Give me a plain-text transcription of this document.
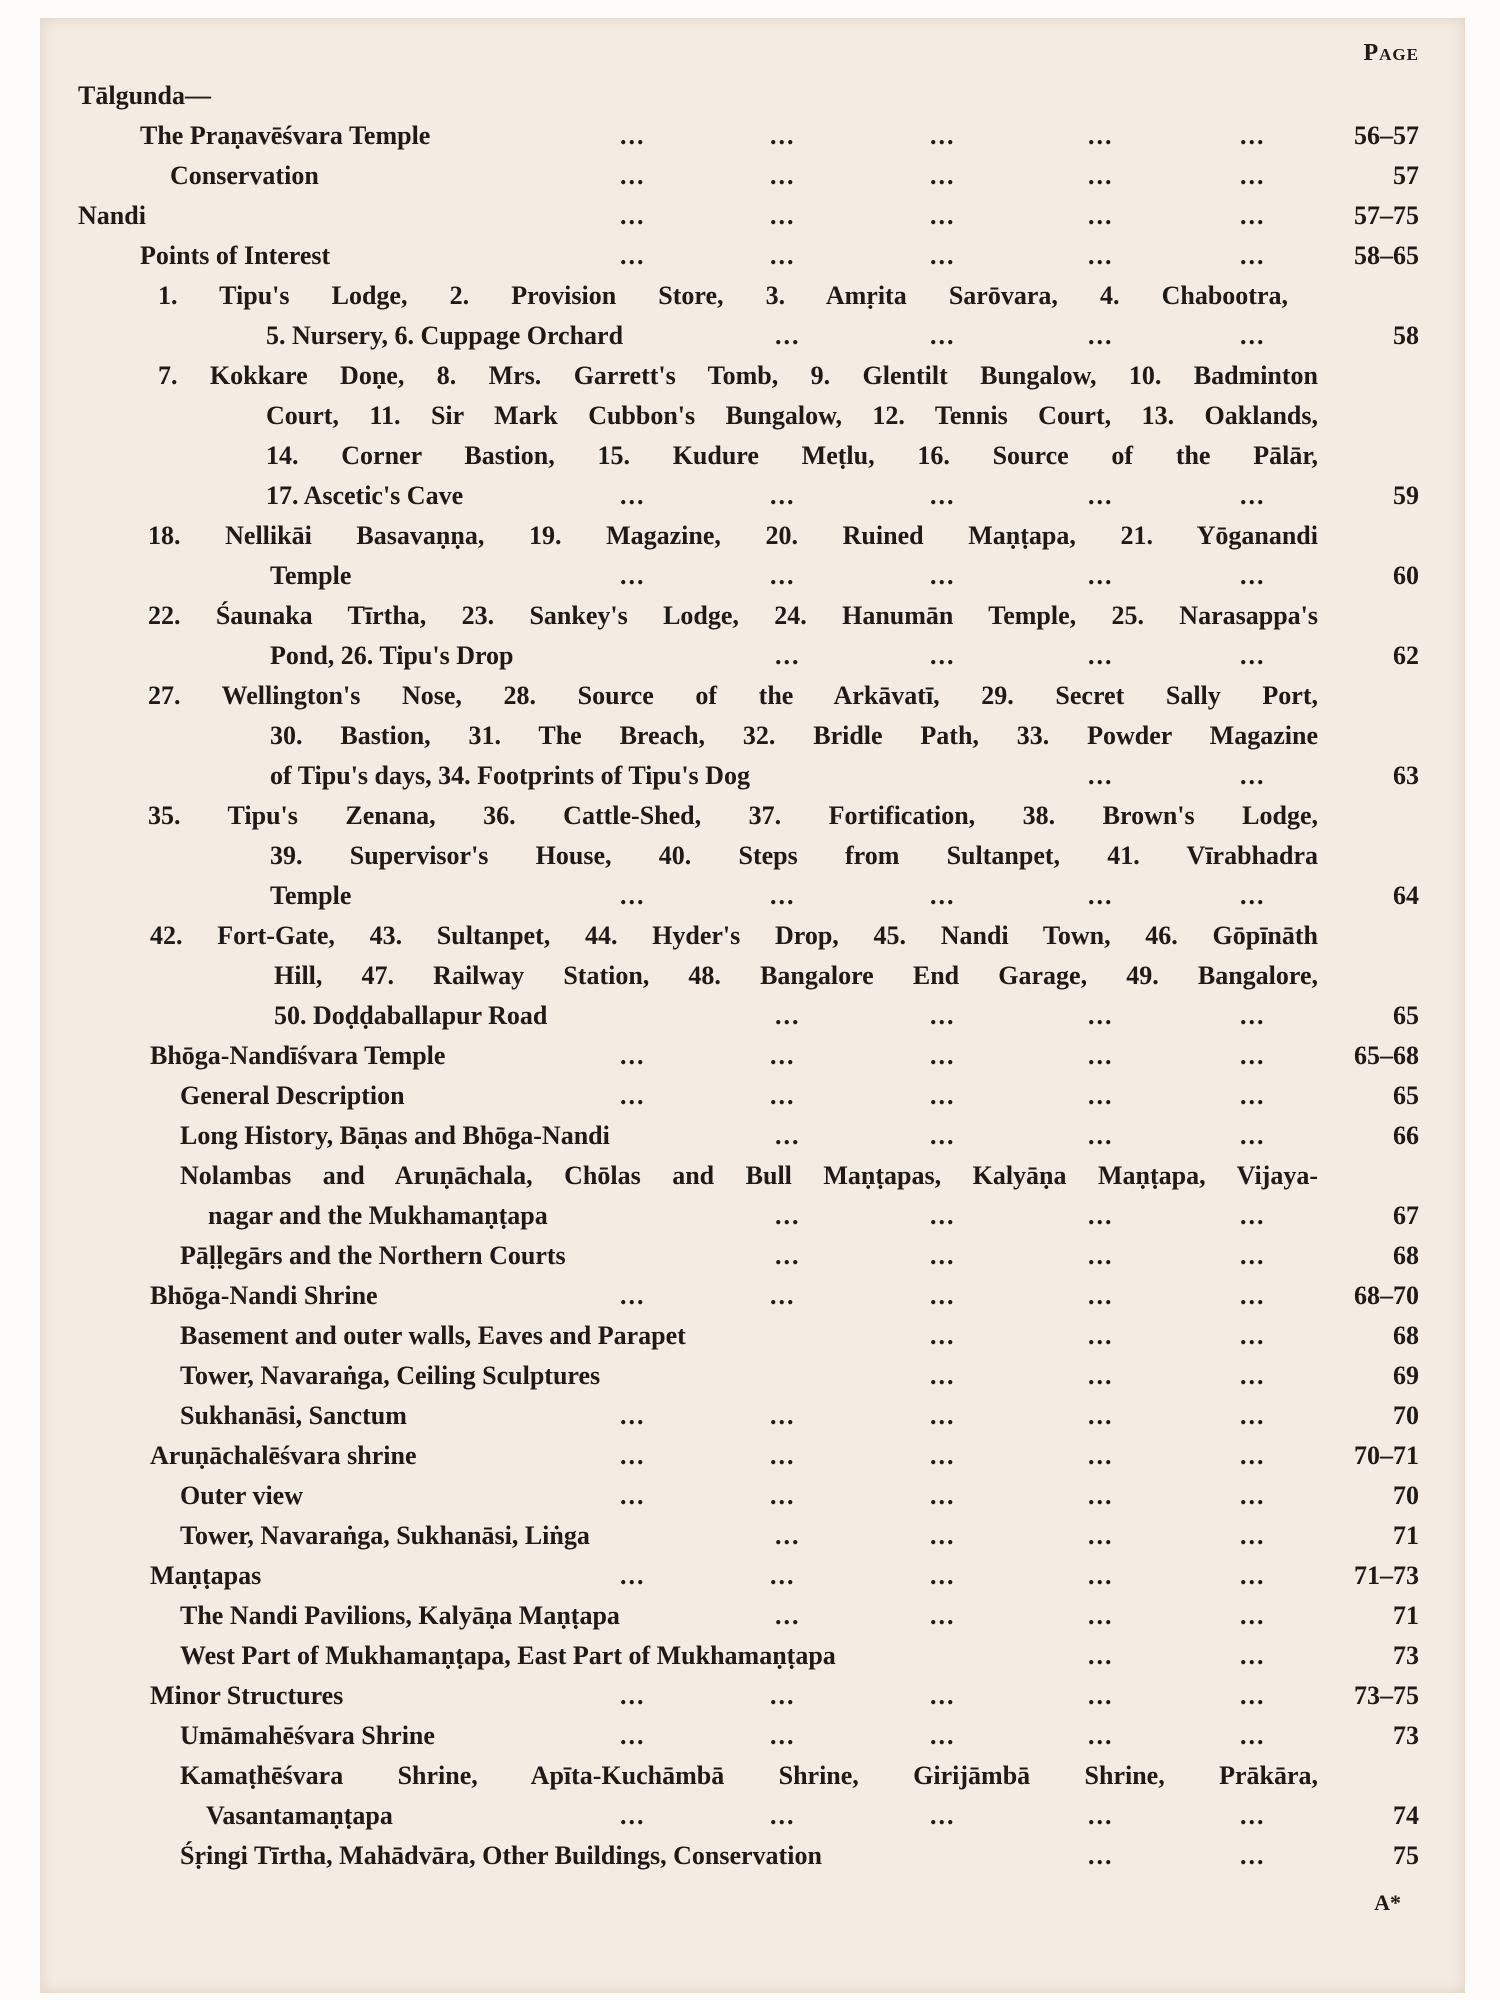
Page
Tālgunda—
The Praṇavēśvara Temple	...	...	...	...	...	56–57
Conservation	...	...	...	...	...	57
Nandi	...	...	...	...	...	57–75
Points of Interest	...	...	...	...	...	58–65
1. Tipu's Lodge, 2. Provision Store, 3. Amṛita Sarōvara, 4. Chabootra,
5. Nursery, 6. Cuppage Orchard	...	...	...	...	58
7. Kokkare Doṇe, 8. Mrs. Garrett's Tomb, 9. Glentilt Bungalow, 10. Badminton
Court, 11. Sir Mark Cubbon's Bungalow, 12. Tennis Court, 13. Oaklands,
14. Corner Bastion, 15. Kudure Meṭlu, 16. Source of the Pālār,
17. Ascetic's Cave	...	...	...	...	...	59
18. Nellikāi Basavaṇṇa, 19. Magazine, 20. Ruined Maṇṭapa, 21. Yōganandi
Temple	...	...	...	...	...	60
22. Śaunaka Tīrtha, 23. Sankey's Lodge, 24. Hanumān Temple, 25. Narasappa's
Pond, 26. Tipu's Drop	...	...	...	...	62
27. Wellington's Nose, 28. Source of the Arkāvatī, 29. Secret Sally Port,
30. Bastion, 31. The Breach, 32. Bridle Path, 33. Powder Magazine
of Tipu's days, 34. Footprints of Tipu's Dog	...	...	63
35. Tipu's Zenana, 36. Cattle-Shed, 37. Fortification, 38. Brown's Lodge,
39. Supervisor's House, 40. Steps from Sultanpet, 41. Vīrabhadra
Temple	...	...	...	...	...	64
42. Fort-Gate, 43. Sultanpet, 44. Hyder's Drop, 45. Nandi Town, 46. Gōpīnāth
Hill, 47. Railway Station, 48. Bangalore End Garage, 49. Bangalore,
50. Doḍḍaballapur Road	...	...	...	...	65
Bhōga-Nandīśvara Temple	...	...	...	...	...	65–68
General Description	...	...	...	...	...	65
Long History, Bāṇas and Bhōga-Nandi	...	...	...	...	66
Nolambas and Aruṇāchala, Chōlas and Bull Maṇṭapas, Kalyāṇa Maṇṭapa, Vijaya-
nagar and the Mukhamaṇṭapa	...	...	...	...	67
Pāḷḷegārs and the Northern Courts	...	...	...	...	68
Bhōga-Nandi Shrine	...	...	...	...	...	68–70
Basement and outer walls, Eaves and Parapet	...	...	...	68
Tower, Navaraṅga, Ceiling Sculptures	...	...	...	69
Sukhanāsi, Sanctum	...	...	...	...	...	70
Aruṇāchalēśvara shrine	...	...	...	...	...	70–71
Outer view	...	...	...	...	...	70
Tower, Navaraṅga, Sukhanāsi, Liṅga	...	...	...	...	71
Maṇṭapas	...	...	...	...	...	71–73
The Nandi Pavilions, Kalyāṇa Maṇṭapa	...	...	...	...	71
West Part of Mukhamaṇṭapa, East Part of Mukhamaṇṭapa	...	...	73
Minor Structures	...	...	...	...	...	73–75
Umāmahēśvara Shrine	...	...	...	...	...	73
Kamaṭhēśvara Shrine, Apīta-Kuchāmbā Shrine, Girijāmbā Shrine, Prākāra,
Vasantamaṇṭapa	...	...	...	...	...	74
Śṛingi Tīrtha, Mahādvāra, Other Buildings, Conservation	...	...	75
A*
